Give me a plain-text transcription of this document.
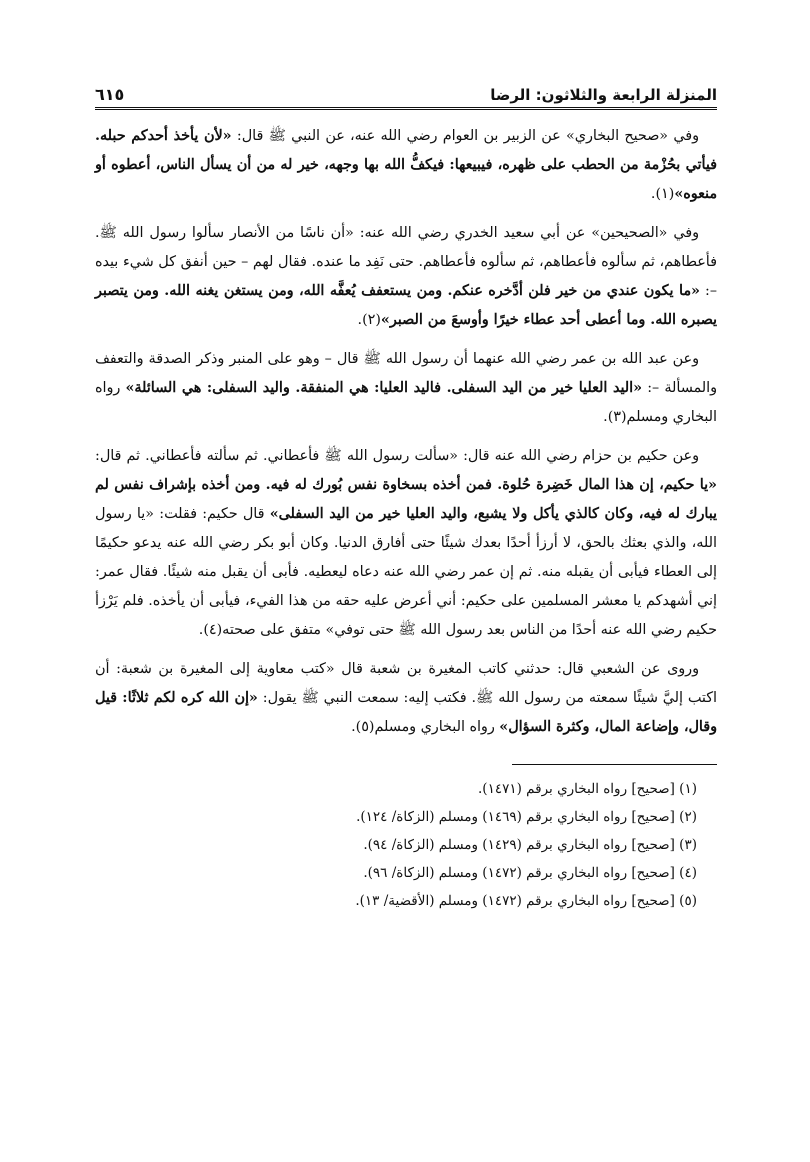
المنزلة الرابعة والثلاثون: الرضا
٦١٥

وفي «صحيح البخاري» عن الزبير بن العوام رضي الله عنه، عن النبي ﷺ قال: «لأن يأخذ أحدكم حبله. فيأتي بحُزْمة من الحطب على ظهره، فيبيعها: فيكفُّ الله بها وجهه، خير له من أن يسأل الناس، أعطوه أو منعوه»(١).

وفي «الصحيحين» عن أبي سعيد الخدري رضي الله عنه: «أن ناسًا من الأنصار سألوا رسول الله ﷺ. فأعطاهم، ثم سألوه فأعطاهم، ثم سألوه فأعطاهم. حتى نَفِد ما عنده. فقال لهم – حين أنفق كل شيء بيده –: «ما يكون عندي من خير فلن أدَّخره عنكم. ومن يستعفف يُعفَّه الله، ومن يستغن يغنه الله. ومن يتصبر يصبره الله. وما أعطى أحد عطاء خيرًا وأوسعَ من الصبر»(٢).

وعن عبد الله بن عمر رضي الله عنهما أن رسول الله ﷺ قال – وهو على المنبر وذكر الصدقة والتعفف والمسألة –: «اليد العليا خير من اليد السفلى. فاليد العليا: هي المنفقة. واليد السفلى: هي السائلة» رواه البخاري ومسلم(٣).

وعن حكيم بن حزام رضي الله عنه قال: «سألت رسول الله ﷺ فأعطاني. ثم سألته فأعطاني. ثم قال: «يا حكيم، إن هذا المال خَضِرة حُلوة. فمن أخذه بسخاوة نفس بُورك له فيه. ومن أخذه بإشراف نفس لم يبارك له فيه، وكان كالذي يأكل ولا يشبع، واليد العليا خير من اليد السفلى» قال حكيم: فقلت: «يا رسول الله، والذي بعثك بالحق، لا أرزأ أحدًا بعدك شيئًا حتى أفارق الدنيا. وكان أبو بكر رضي الله عنه يدعو حكيمًا إلى العطاء فيأبى أن يقبله منه. ثم إن عمر رضي الله عنه دعاه ليعطيه. فأبى أن يقبل منه شيئًا. فقال عمر: إني أشهدكم يا معشر المسلمين على حكيم: أني أعرض عليه حقه من هذا الفيء، فيأبى أن يأخذه. فلم يَرْزأ حكيم رضي الله عنه أحدًا من الناس بعد رسول الله ﷺ حتى توفي» متفق على صحته(٤).

وروى عن الشعبي قال: حدثني كاتب المغيرة بن شعبة قال «كتب معاوية إلى المغيرة بن شعبة: أن اكتب إليَّ شيئًا سمعته من رسول الله ﷺ. فكتب إليه: سمعت النبي ﷺ يقول: «إن الله كره لكم ثلاثًا: قيل وقال، وإضاعة المال، وكثرة السؤال» رواه البخاري ومسلم(٥).

(١) [صحيح] رواه البخاري برقم (١٤٧١).
(٢) [صحيح] رواه البخاري برقم (١٤٦٩) ومسلم (الزكاة/ ١٢٤).
(٣) [صحيح] رواه البخاري برقم (١٤٢٩) ومسلم (الزكاة/ ٩٤).
(٤) [صحيح] رواه البخاري برقم (١٤٧٢) ومسلم (الزكاة/ ٩٦).
(٥) [صحيح] رواه البخاري برقم (١٤٧٢) ومسلم (الأقضية/ ١٣).
